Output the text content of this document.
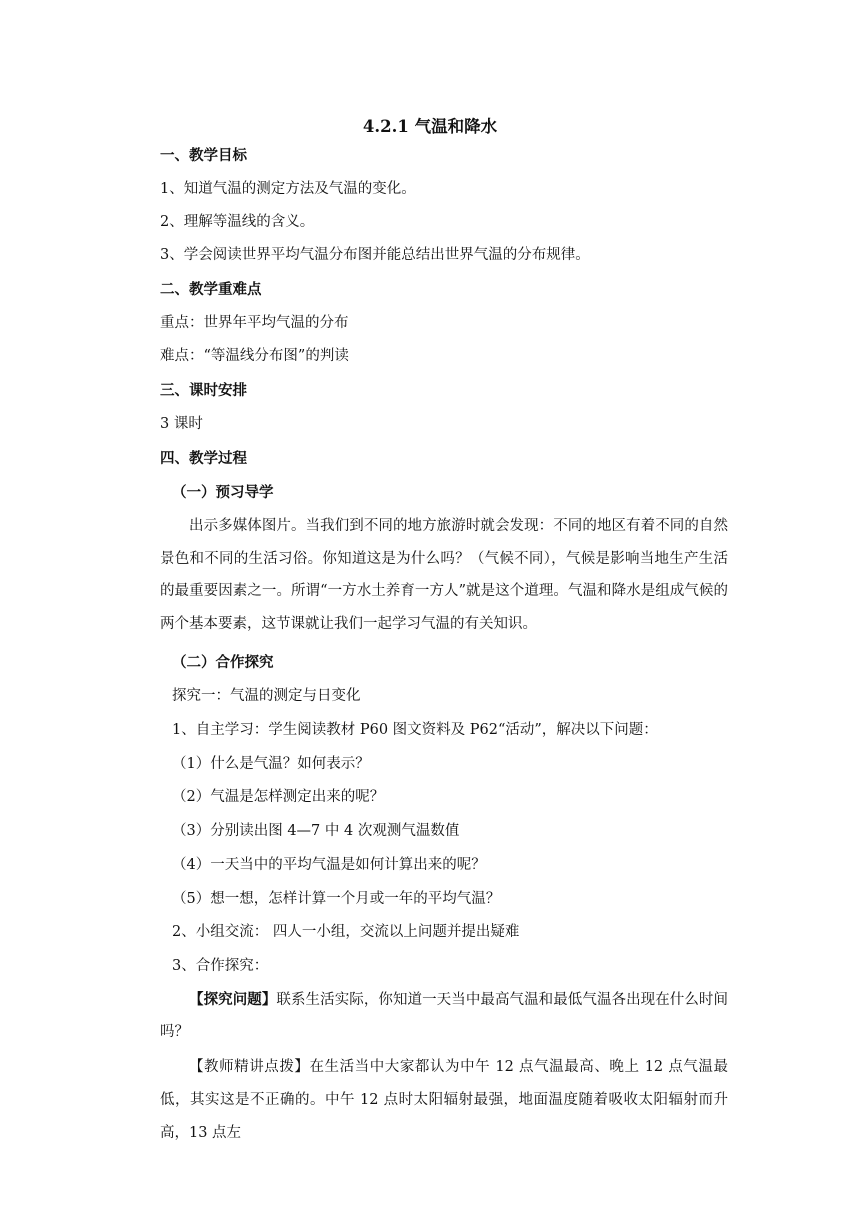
4.2.1 气温和降水
一、教学目标
1、知道气温的测定方法及气温的变化。
2、理解等温线的含义。
3、学会阅读世界平均气温分布图并能总结出世界气温的分布规律。
二、教学重难点
重点：世界年平均气温的分布
难点：“等温线分布图”的判读
三、课时安排
3 课时
四、教学过程
（一）预习导学
出示多媒体图片。当我们到不同的地方旅游时就会发现：不同的地区有着不同的自然景色和不同的生活习俗。你知道这是为什么吗？（气候不同），气候是影响当地生产生活的最重要因素之一。所谓“一方水土养育一方人”就是这个道理。气温和降水是组成气候的两个基本要素，这节课就让我们一起学习气温的有关知识。
（二）合作探究
探究一：气温的测定与日变化
1、自主学习：学生阅读教材 P60 图文资料及 P62“活动”，解决以下问题：
（1）什么是气温？如何表示？
（2）气温是怎样测定出来的呢？
（3）分别读出图 4—7 中 4 次观测气温数值
（4）一天当中的平均气温是如何计算出来的呢？
（5）想一想，怎样计算一个月或一年的平均气温？
2、小组交流： 四人一小组，交流以上问题并提出疑难
3、合作探究：
【探究问题】联系生活实际，你知道一天当中最高气温和最低气温各出现在什么时间吗？
【教师精讲点拨】在生活当中大家都认为中午 12 点气温最高、晚上 12 点气温最低，其实这是不正确的。中午 12 点时太阳辐射最强，地面温度随着吸收太阳辐射而升高，13 点左
